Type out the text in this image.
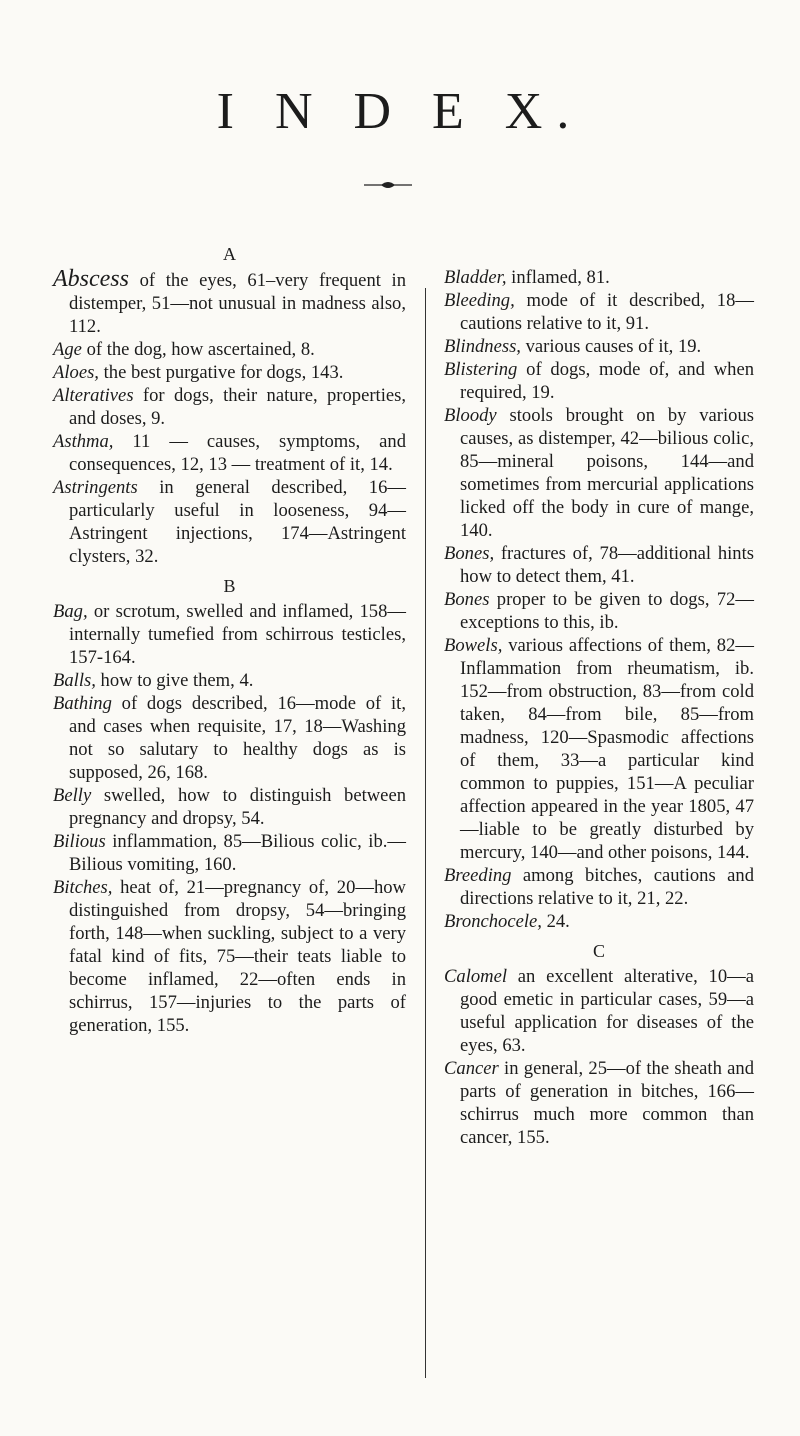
I N D E X.
A

Abscess of the eyes, 61–very frequent in distemper, 51—not unusual in madness also, 112.

Age of the dog, how ascertained, 8.

Aloes, the best purgative for dogs, 143.

Alteratives for dogs, their nature, properties, and doses, 9.

Asthma, 11 — causes, symptoms, and consequences, 12, 13 — treatment of it, 14.

Astringents in general described, 16—particularly useful in looseness, 94—Astringent injections, 174—Astringent clysters, 32.

B

Bag, or scrotum, swelled and inflamed, 158—internally tumefied from schirrous testicles, 157-164.

Balls, how to give them, 4.

Bathing of dogs described, 16—mode of it, and cases when requisite, 17, 18—Washing not so salutary to healthy dogs as is supposed, 26, 168.

Belly swelled, how to distinguish between pregnancy and dropsy, 54.

Bilious inflammation, 85—Bilious colic, ib.—Bilious vomiting, 160.

Bitches, heat of, 21—pregnancy of, 20—how distinguished from dropsy, 54—bringing forth, 148—when suckling, subject to a very fatal kind of fits, 75—their teats liable to become inflamed, 22—often ends in schirrus, 157—injuries to the parts of generation, 155.

Bladder, inflamed, 81.

Bleeding, mode of it described, 18—cautions relative to it, 91.

Blindness, various causes of it, 19.

Blistering of dogs, mode of, and when required, 19.

Bloody stools brought on by various causes, as distemper, 42—bilious colic, 85—mineral poisons, 144—and sometimes from mercurial applications licked off the body in cure of mange, 140.

Bones, fractures of, 78—additional hints how to detect them, 41.

Bones proper to be given to dogs, 72—exceptions to this, ib.

Bowels, various affections of them, 82—Inflammation from rheumatism, ib. 152—from obstruction, 83—from cold taken, 84—from bile, 85—from madness, 120—Spasmodic affections of them, 33—a particular kind common to puppies, 151—A peculiar affection appeared in the year 1805, 47—liable to be greatly disturbed by mercury, 140—and other poisons, 144.

Breeding among bitches, cautions and directions relative to it, 21, 22.

Bronchocele, 24.

C

Calomel an excellent alterative, 10—a good emetic in particular cases, 59—a useful application for diseases of the eyes, 63.

Cancer in general, 25—of the sheath and parts of generation in bitches, 166—schirrus much more common than cancer, 155.
